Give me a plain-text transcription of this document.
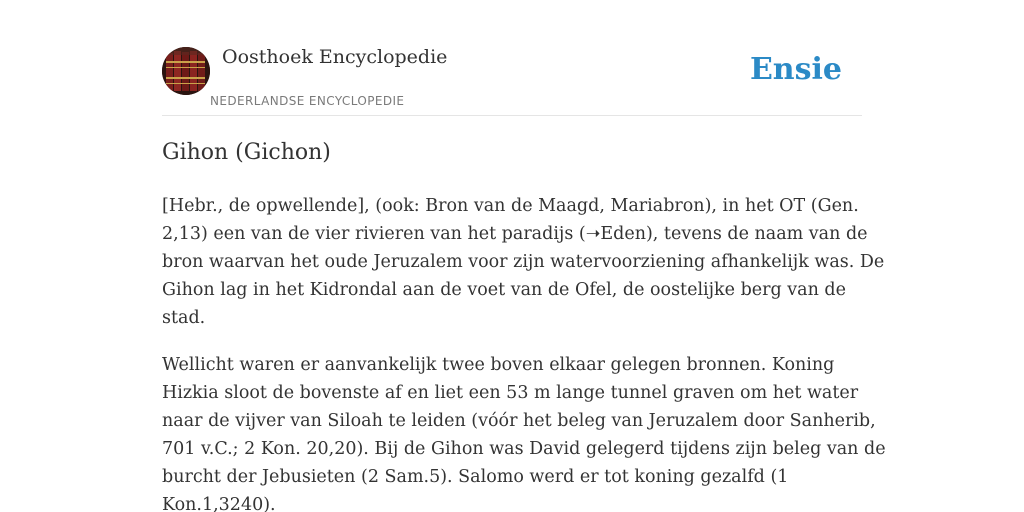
Oosthoek Encyclopedie
NEDERLANDSE ENCYCLOPEDIE
Ensie
Gihon (Gichon)

[Hebr., de opwellende], (ook: Bron van de Maagd, Mariabron), in het OT (Gen.
2,13) een van de vier rivieren van het paradijs (➝Eden), tevens de naam van de
bron waarvan het oude Jeruzalem voor zijn watervoorziening afhankelijk was. De
Gihon lag in het Kidrondal aan de voet van de Ofel, de oostelijke berg van de
stad.

Wellicht waren er aanvankelijk twee boven elkaar gelegen bronnen. Koning
Hizkia sloot de bovenste af en liet een 53 m lange tunnel graven om het water
naar de vijver van Siloah te leiden (vóór het beleg van Jeruzalem door Sanherib,
701 v.C.; 2 Kon. 20,20). Bij de Gihon was David gelegerd tijdens zijn beleg van de
burcht der Jebusieten (2 Sam.5). Salomo werd er tot koning gezalfd (1
Kon.1,3240).
